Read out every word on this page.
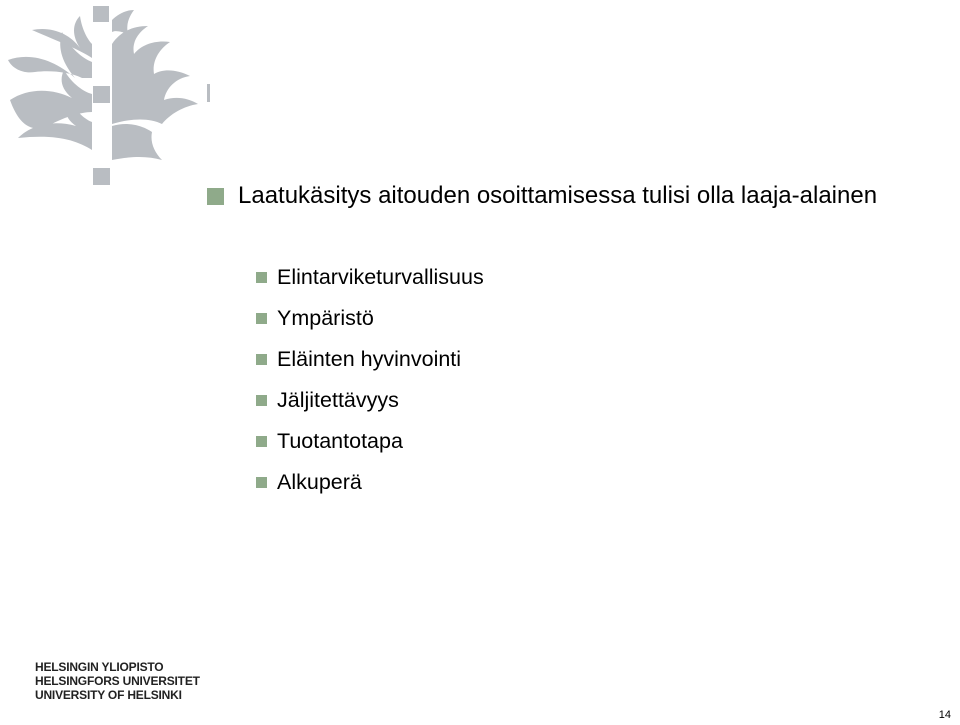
Laatukäsitys aitouden osoittamisessa tulisi olla laaja-alainen
Elintarviketurvallisuus
Ympäristö
Eläinten hyvinvointi
Jäljitettävyys
Tuotantotapa
Alkuperä
HELSINGIN YLIOPISTO
HELSINGFORS UNIVERSITET
UNIVERSITY OF HELSINKI
14
